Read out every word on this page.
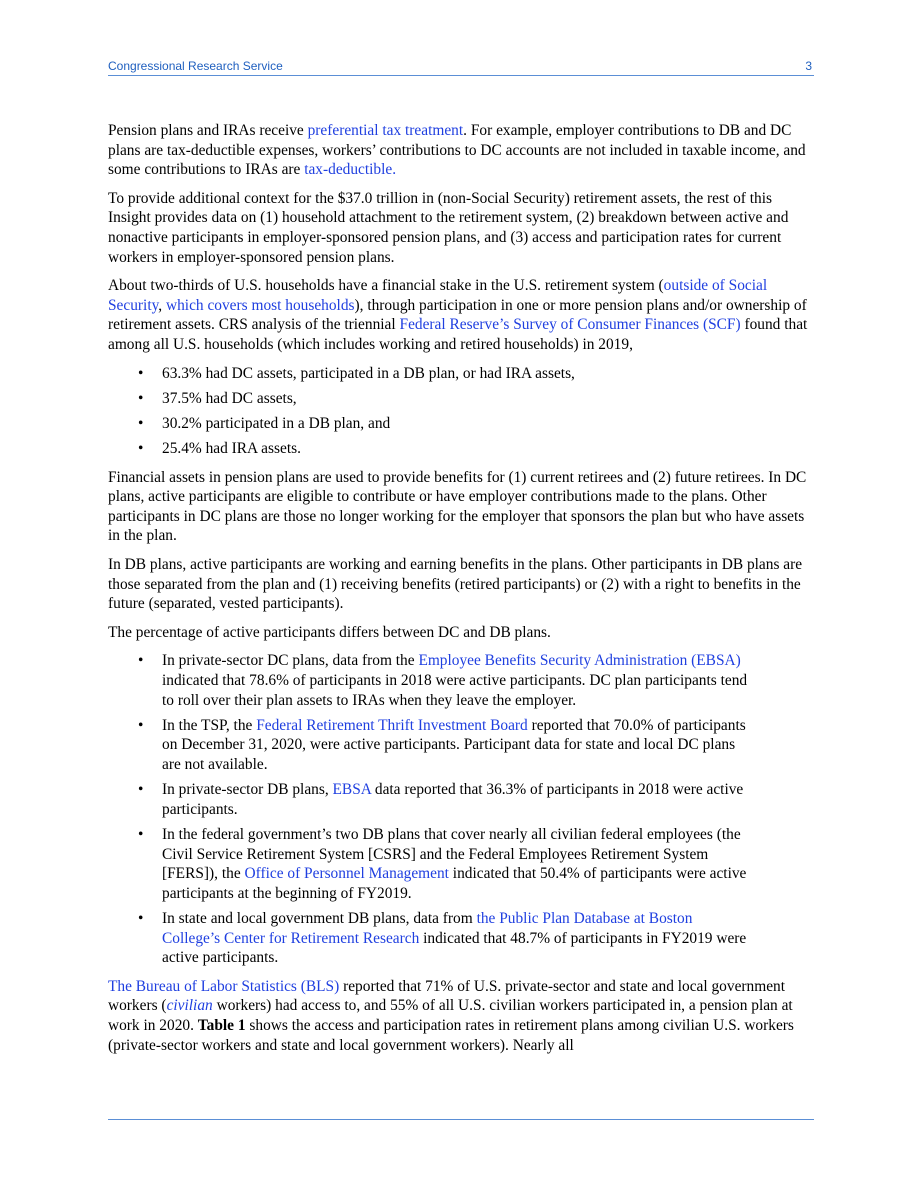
Congressional Research Service	3

Pension plans and IRAs receive preferential tax treatment. For example, employer contributions to DB and DC plans are tax-deductible expenses, workers’ contributions to DC accounts are not included in taxable income, and some contributions to IRAs are tax-deductible.

To provide additional context for the $37.0 trillion in (non-Social Security) retirement assets, the rest of this Insight provides data on (1) household attachment to the retirement system, (2) breakdown between active and nonactive participants in employer-sponsored pension plans, and (3) access and participation rates for current workers in employer-sponsored pension plans.

About two-thirds of U.S. households have a financial stake in the U.S. retirement system (outside of Social Security, which covers most households), through participation in one or more pension plans and/or ownership of retirement assets. CRS analysis of the triennial Federal Reserve’s Survey of Consumer Finances (SCF) found that among all U.S. households (which includes working and retired households) in 2019,

• 63.3% had DC assets, participated in a DB plan, or had IRA assets,
• 37.5% had DC assets,
• 30.2% participated in a DB plan, and
• 25.4% had IRA assets.

Financial assets in pension plans are used to provide benefits for (1) current retirees and (2) future retirees. In DC plans, active participants are eligible to contribute or have employer contributions made to the plans. Other participants in DC plans are those no longer working for the employer that sponsors the plan but who have assets in the plan.

In DB plans, active participants are working and earning benefits in the plans. Other participants in DB plans are those separated from the plan and (1) receiving benefits (retired participants) or (2) with a right to benefits in the future (separated, vested participants).

The percentage of active participants differs between DC and DB plans.

• In private-sector DC plans, data from the Employee Benefits Security Administration (EBSA) indicated that 78.6% of participants in 2018 were active participants. DC plan participants tend to roll over their plan assets to IRAs when they leave the employer.
• In the TSP, the Federal Retirement Thrift Investment Board reported that 70.0% of participants on December 31, 2020, were active participants. Participant data for state and local DC plans are not available.
• In private-sector DB plans, EBSA data reported that 36.3% of participants in 2018 were active participants.
• In the federal government’s two DB plans that cover nearly all civilian federal employees (the Civil Service Retirement System [CSRS] and the Federal Employees Retirement System [FERS]), the Office of Personnel Management indicated that 50.4% of participants were active participants at the beginning of FY2019.
• In state and local government DB plans, data from the Public Plan Database at Boston College’s Center for Retirement Research indicated that 48.7% of participants in FY2019 were active participants.

The Bureau of Labor Statistics (BLS) reported that 71% of U.S. private-sector and state and local government workers (civilian workers) had access to, and 55% of all U.S. civilian workers participated in, a pension plan at work in 2020. Table 1 shows the access and participation rates in retirement plans among civilian U.S. workers (private-sector workers and state and local government workers). Nearly all
